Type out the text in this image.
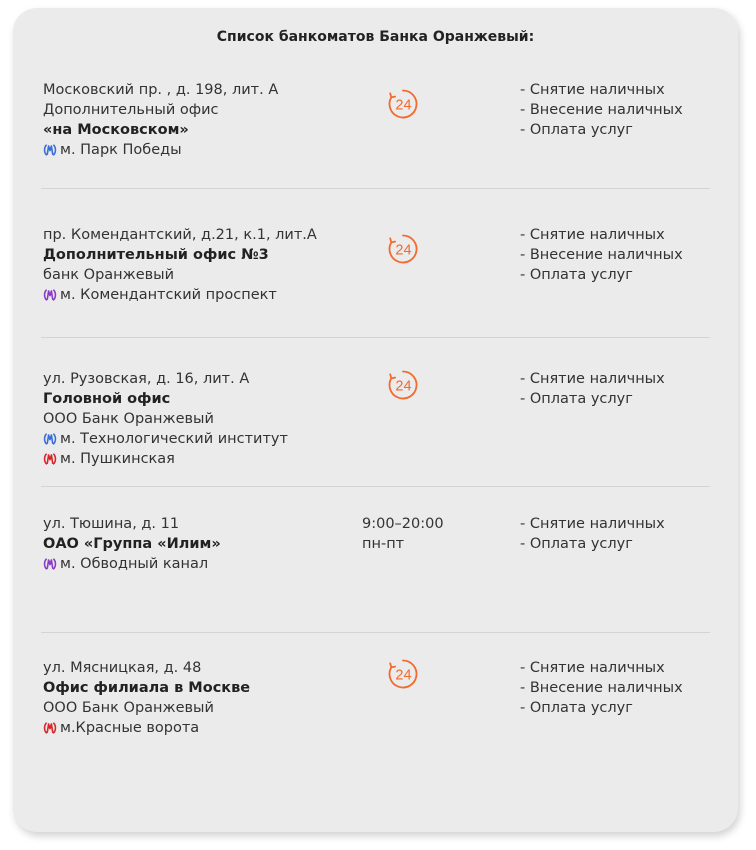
Список банкоматов Банка Оранжевый:
Московский пр. , д. 198, лит. А
Дополнительный офис
«на Московском»
м. Парк Победы
24
- Снятие наличных
- Внесение наличных
- Оплата услуг
пр. Комендантский, д.21, к.1, лит.А
Дополнительный офис №3
банк Оранжевый
м. Комендантский проспект
24
- Снятие наличных
- Внесение наличных
- Оплата услуг
ул. Рузовская, д. 16, лит. А
Головной офис
ООО Банк Оранжевый
м. Технологический институт
м. Пушкинская
24	- Снятие наличных
- Оплата услуг
ул. Тюшина, д. 11
ОАО «Группа «Илим»
м. Обводный канал
9:00–20:00
пн-пт
- Снятие наличных
- Оплата услуг
ул. Мясницкая, д. 48
Офис филиала в Москве
ООО Банк Оранжевый
м.Красные ворота
24	- Снятие наличных
- Внесение наличных
- Оплата услуг
